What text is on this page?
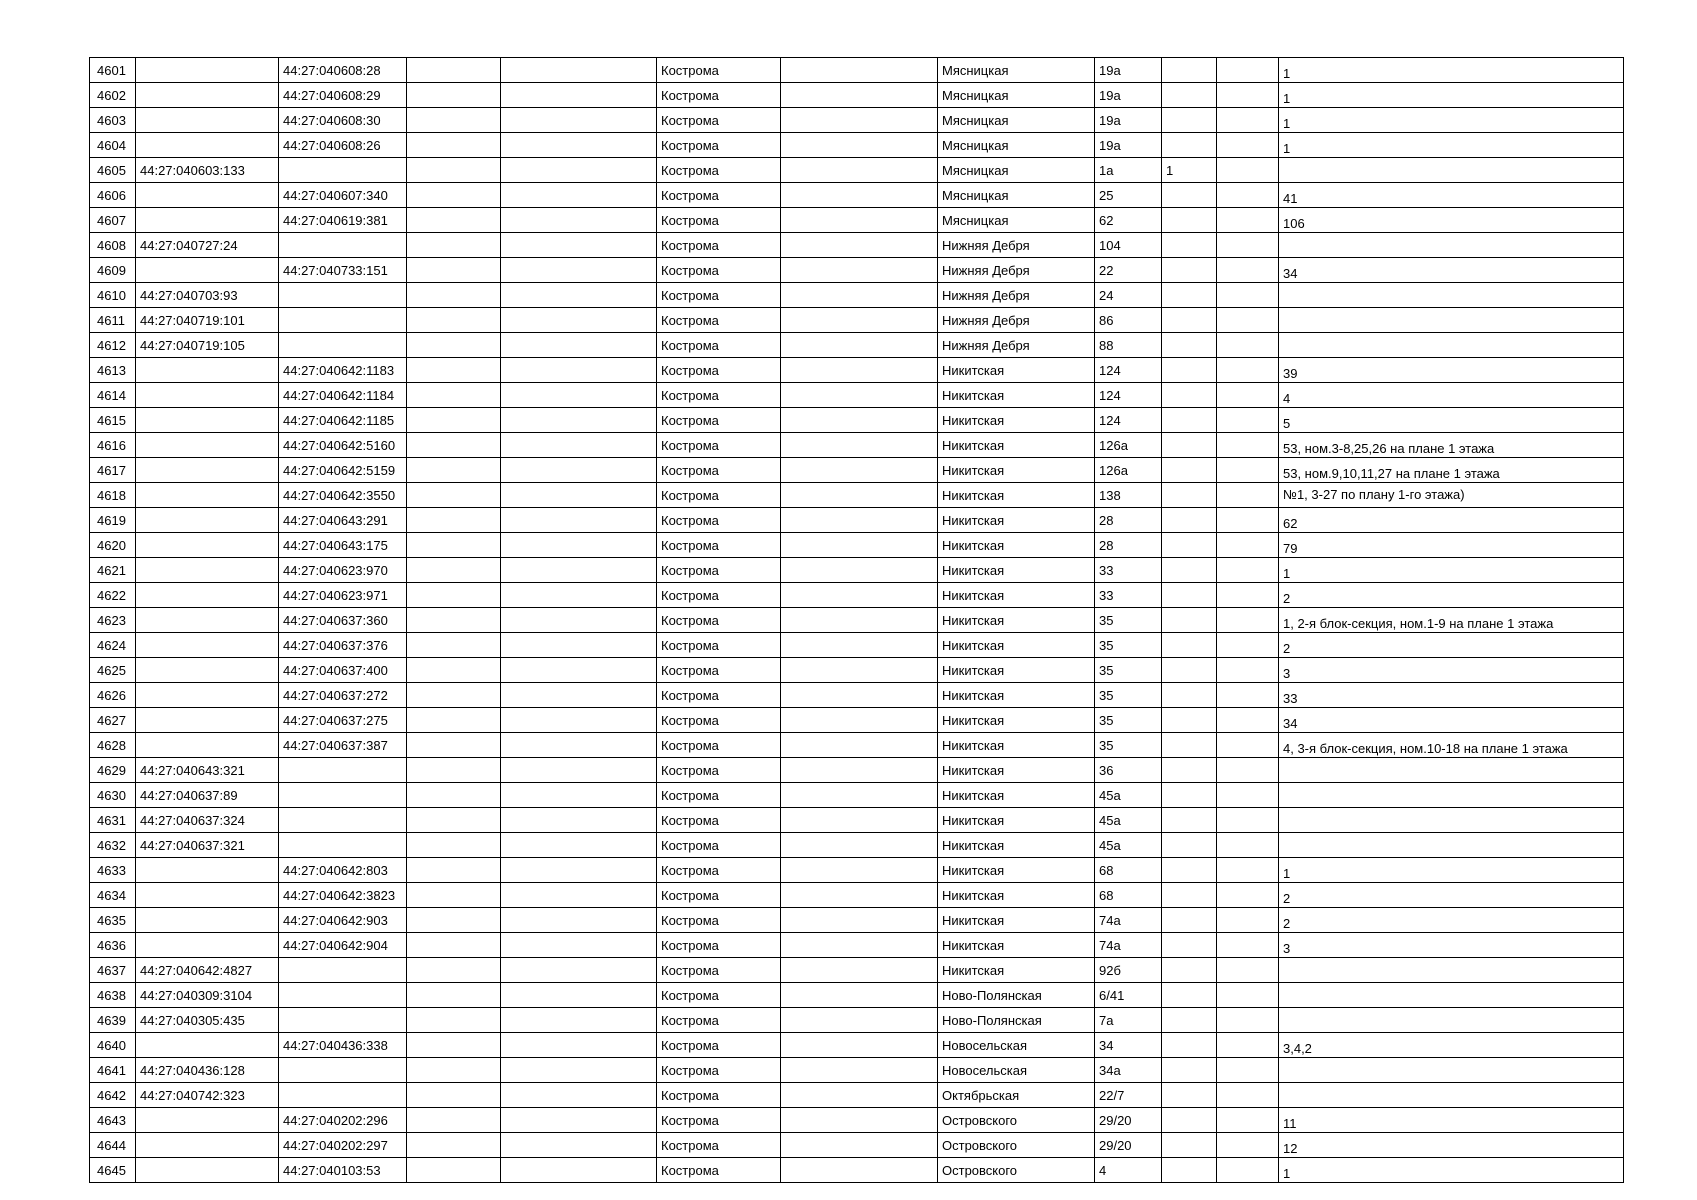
4601		44:27:040608:28			Кострома		Мясницкая	19а			1
4602		44:27:040608:29			Кострома		Мясницкая	19а			1
4603		44:27:040608:30			Кострома		Мясницкая	19а			1
4604		44:27:040608:26			Кострома		Мясницкая	19а			1
4605	44:27:040603:133				Кострома		Мясницкая	1а	1		
4606		44:27:040607:340			Кострома		Мясницкая	25			41
4607		44:27:040619:381			Кострома		Мясницкая	62			106
4608	44:27:040727:24				Кострома		Нижняя Дебря	104			
4609		44:27:040733:151			Кострома		Нижняя Дебря	22			34
4610	44:27:040703:93				Кострома		Нижняя Дебря	24			
4611	44:27:040719:101				Кострома		Нижняя Дебря	86			
4612	44:27:040719:105				Кострома		Нижняя Дебря	88			
4613		44:27:040642:1183			Кострома		Никитская	124			39
4614		44:27:040642:1184			Кострома		Никитская	124			4
4615		44:27:040642:1185			Кострома		Никитская	124			5
4616		44:27:040642:5160			Кострома		Никитская	126а			53, ном.3-8,25,26 на плане 1 этажа
4617		44:27:040642:5159			Кострома		Никитская	126а			53, ном.9,10,11,27 на плане 1 этажа
4618		44:27:040642:3550			Кострома		Никитская	138			№1, 3-27 по плану 1-го этажа)
4619		44:27:040643:291			Кострома		Никитская	28			62
4620		44:27:040643:175			Кострома		Никитская	28			79
4621		44:27:040623:970			Кострома		Никитская	33			1
4622		44:27:040623:971			Кострома		Никитская	33			2
4623		44:27:040637:360			Кострома		Никитская	35			1, 2-я блок-секция, ном.1-9 на плане 1 этажа
4624		44:27:040637:376			Кострома		Никитская	35			2
4625		44:27:040637:400			Кострома		Никитская	35			3
4626		44:27:040637:272			Кострома		Никитская	35			33
4627		44:27:040637:275			Кострома		Никитская	35			34
4628		44:27:040637:387			Кострома		Никитская	35			4, 3-я блок-секция, ном.10-18 на плане 1 этажа
4629	44:27:040643:321				Кострома		Никитская	36			
4630	44:27:040637:89				Кострома		Никитская	45а			
4631	44:27:040637:324				Кострома		Никитская	45а			
4632	44:27:040637:321				Кострома		Никитская	45а			
4633		44:27:040642:803			Кострома		Никитская	68			1
4634		44:27:040642:3823			Кострома		Никитская	68			2
4635		44:27:040642:903			Кострома		Никитская	74а			2
4636		44:27:040642:904			Кострома		Никитская	74а			3
4637	44:27:040642:4827				Кострома		Никитская	92б			
4638	44:27:040309:3104				Кострома		Ново-Полянская	6/41			
4639	44:27:040305:435				Кострома		Ново-Полянская	7а			
4640		44:27:040436:338			Кострома		Новосельская	34			3,4,2
4641	44:27:040436:128				Кострома		Новосельская	34а			
4642	44:27:040742:323				Кострома		Октябрьская	22/7			
4643		44:27:040202:296			Кострома		Островского	29/20			11
4644		44:27:040202:297			Кострома		Островского	29/20			12
4645		44:27:040103:53			Кострома		Островского	4			1
